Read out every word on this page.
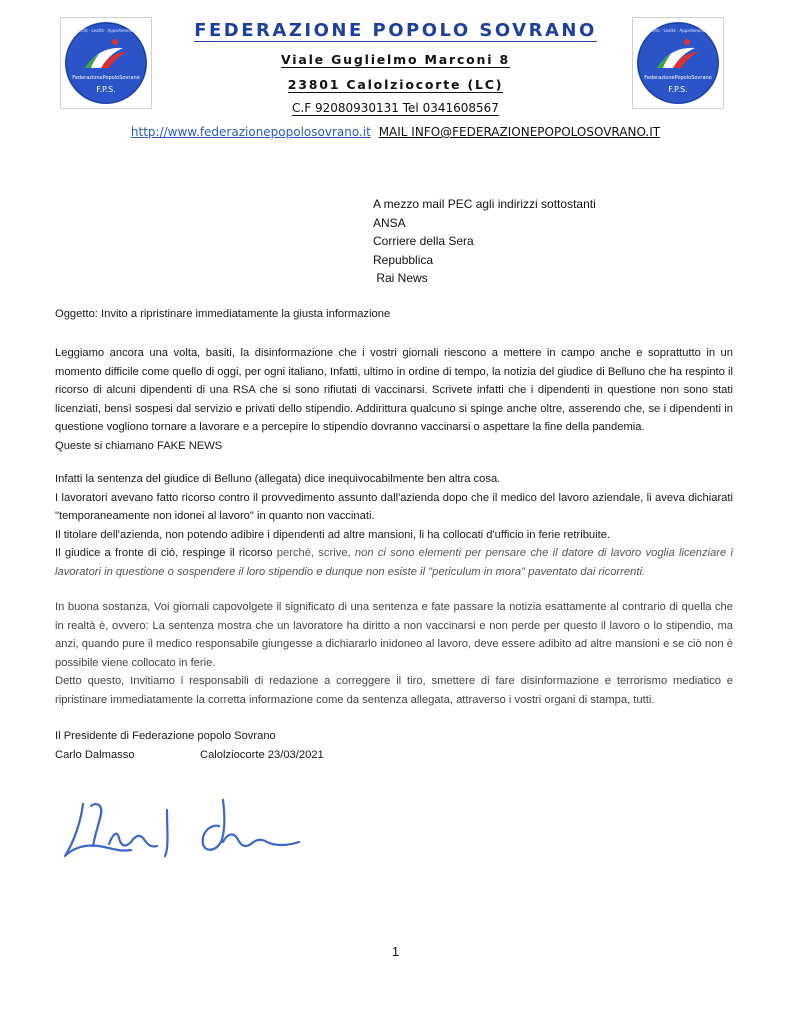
FederazionePopoloSovrano
F.P.S.
Diritti · Lealtà · Appartenenza
FederazionePopoloSovrano
F.P.S.
Diritti · Lealtà · Appartenenza
FEDERAZIONE POPOLO SOVRANO
Viale Guglielmo Marconi 8
23801 Calolziocorte (LC)
C.F 92080930131 Tel 0341608567
http://www.federazionepopolosovrano.it MAIL INFO@FEDERAZIONEPOPOLOSOVRANO.IT
A mezzo mail PEC agli indirizzi sottostanti
ANSA
Corriere della Sera
Repubblica
Rai News
Oggetto: Invito a ripristinare immediatamente la giusta informazione

Leggiamo ancora una volta, basiti, la disinformazione che i vostri giornali riescono a mettere in campo anche e soprattutto in un momento difficile come quello di oggi, per ogni italiano, Infatti, ultimo in ordine di tempo, la notizia del giudice di Belluno che ha respinto il ricorso di alcuni dipendenti di una RSA che si sono rifiutati di vaccinarsi. Scrivete infatti che i dipendenti in questione non sono stati licenziati, bensì sospesi dal servizio e privati dello stipendio. Addirittura qualcuno si spinge anche oltre, asserendo che, se i dipendenti in questione vogliono tornare a lavorare e a percepire lo stipendio dovranno vaccinarsi o aspettare la fine della pandemia.

Queste si chiamano FAKE NEWS

Infatti la sentenza del giudice di Belluno (allegata) dice inequivocabilmente ben altra cosa.

I lavoratori avevano fatto ricorso contro il provvedimento assunto dall'azienda dopo che il medico del lavoro aziendale, li aveva dichiarati "temporaneamente non idonei al lavoro" in quanto non vaccinati.

Il titolare dell'azienda, non potendo adibire i dipendenti ad altre mansioni, li ha collocati d'ufficio in ferie retribuite.

Il giudice a fronte di ciò, respinge il ricorso perché, scrive, non ci sono elementi per pensare che il datore di lavoro voglia licenziare i lavoratori in questione o sospendere il loro stipendio e dunque non esiste il "periculum in mora" paventato dai ricorrenti.

In buona sostanza, Voi giornali capovolgete il significato di una sentenza e fate passare la notizia esattamente al contrario di quella che in realtà è, ovvero: La sentenza mostra che un lavoratore ha diritto a non vaccinarsi e non perde per questo il lavoro o lo stipendio, ma anzi, quando pure il medico responsabile giungesse a dichiararlo inidoneo al lavoro, deve essere adibito ad altre mansioni e se ciò non è possibile viene collocato in ferie.

Detto questo, Invitiamo i responsabili di redazione a correggere il tiro, smettere di fare disinformazione e terrorismo mediatico e ripristinare immediatamente la corretta informazione come da sentenza allegata, attraverso i vostri organi di stampa, tutti.

Il Presidente di Federazione popolo Sovrano

Carlo Dalmasso	Calolziocorte 23/03/2021
1
